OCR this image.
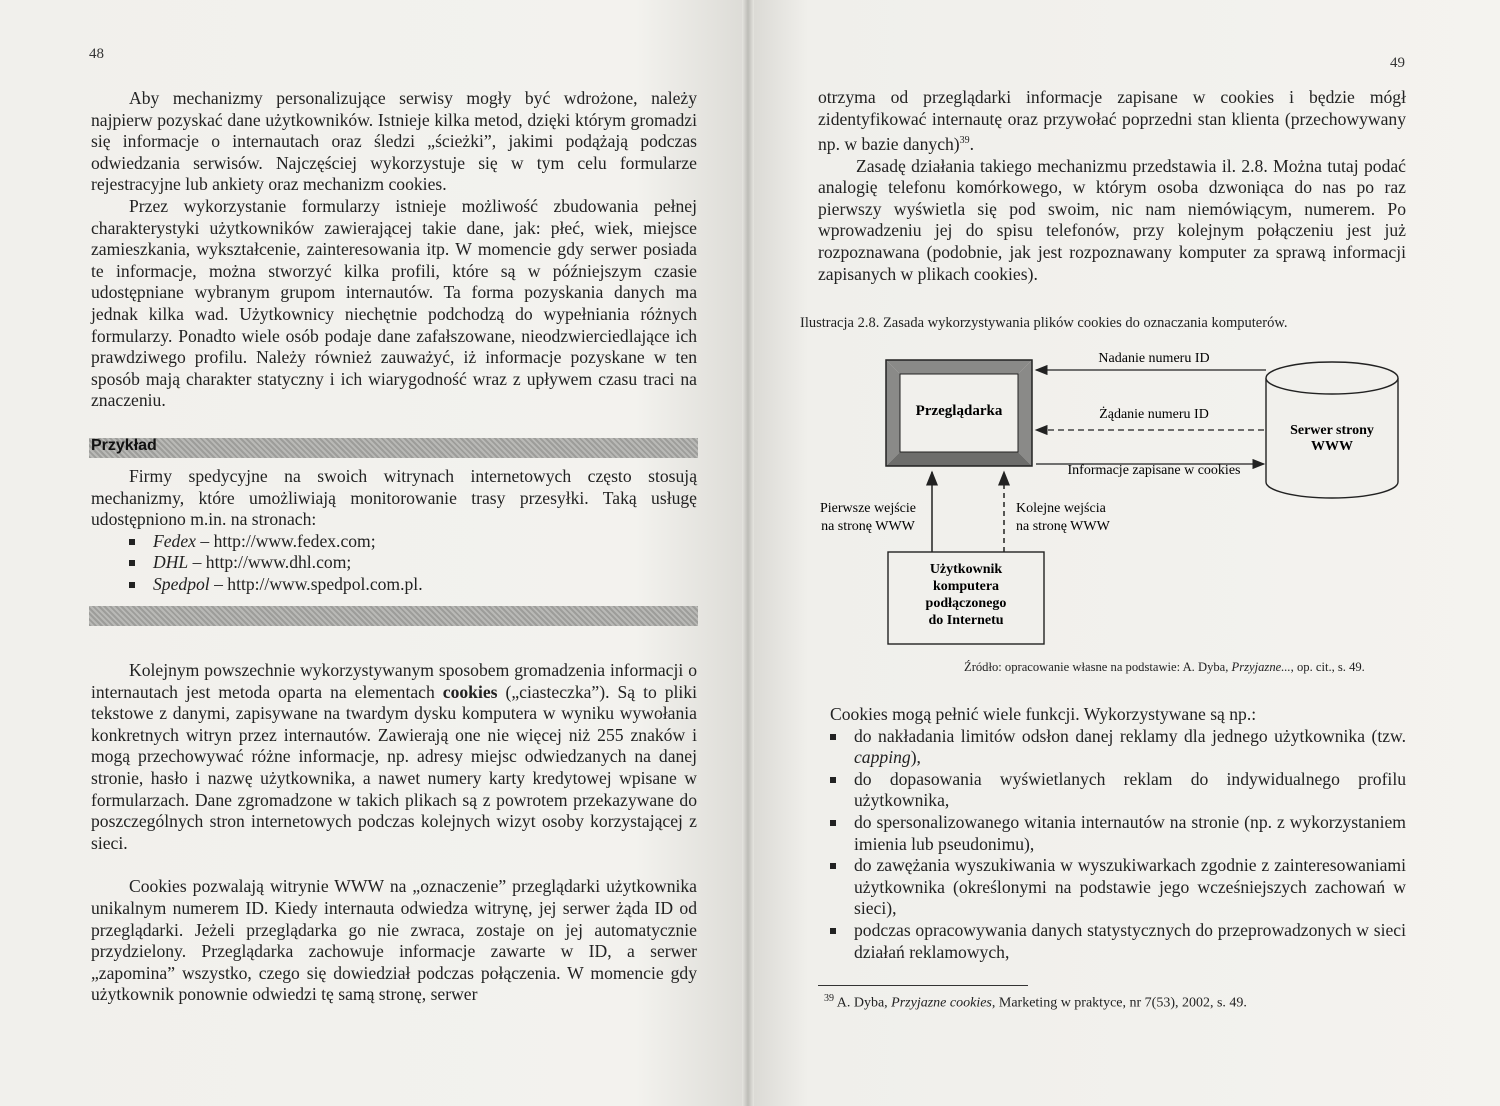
48

Aby mechanizmy personalizujące serwisy mogły być wdrożone, należy najpierw pozyskać dane użytkowników. Istnieje kilka metod, dzięki którym gromadzi się informacje o internautach oraz śledzi „ścieżki”, jakimi podążają podczas odwiedzania serwisów. Najczęściej wykorzystuje się w tym celu formularze rejestracyjne lub ankiety oraz mechanizm cookies.

Przez wykorzystanie formularzy istnieje możliwość zbudowania pełnej charakterystyki użytkowników zawierającej takie dane, jak: płeć, wiek, miejsce zamieszkania, wykształcenie, zainteresowania itp. W momencie gdy serwer posiada te informacje, można stworzyć kilka profili, które są w późniejszym czasie udostępniane wybranym grupom internautów. Ta forma pozyskania danych ma jednak kilka wad. Użytkownicy niechętnie podchodzą do wypełniania różnych formularzy. Ponadto wiele osób podaje dane zafałszowane, nieodzwierciedlające ich prawdziwego profilu. Należy również zauważyć, iż informacje pozyskane w ten sposób mają charakter statyczny i ich wiarygodność wraz z upływem czasu traci na znaczeniu.

Przykład

Firmy spedycyjne na swoich witrynach internetowych często stosują mechanizmy, które umożliwiają monitorowanie trasy przesyłki. Taką usługę udostępniono m.in. na stronach:

Fedex – http://www.fedex.com;
DHL – http://www.dhl.com;
Spedpol – http://www.spedpol.com.pl.

Kolejnym powszechnie wykorzystywanym sposobem gromadzenia informacji o internautach jest metoda oparta na elementach cookies („ciasteczka”). Są to pliki tekstowe z danymi, zapisywane na twardym dysku komputera w wyniku wywołania konkretnych witryn przez internautów. Zawierają one nie więcej niż 255 znaków i mogą przechowywać różne informacje, np. adresy miejsc odwiedzanych na danej stronie, hasło i nazwę użytkownika, a nawet numery karty kredytowej wpisane w formularzach. Dane zgromadzone w takich plikach są z powrotem przekazywane do poszczególnych stron internetowych podczas kolejnych wizyt osoby korzystającej z sieci.

Cookies pozwalają witrynie WWW na „oznaczenie” przeglądarki użytkownika unikalnym numerem ID. Kiedy internauta odwiedza witrynę, jej serwer żąda ID od przeglądarki. Jeżeli przeglądarka go nie zwraca, zostaje on jej automatycznie przydzielony. Przeglądarka zachowuje informacje zawarte w ID, a serwer „zapomina” wszystko, czego się dowiedział podczas połączenia. W momencie gdy użytkownik ponownie odwiedzi tę samą stronę, serwer

49

otrzyma od przeglądarki informacje zapisane w cookies i będzie mógł zidentyfikować internautę oraz przywołać poprzedni stan klienta (przechowywany np. w bazie danych)$^{39}$.

Zasadę działania takiego mechanizmu przedstawia il. 2.8. Można tutaj podać analogię telefonu komórkowego, w którym osoba dzwoniąca do nas po raz pierwszy wyświetla się pod swoim, nic nam niemówiącym, numerem. Po wprowadzeniu jej do spisu telefonów, przy kolejnym połączeniu jest już rozpoznawana (podobnie, jak jest rozpoznawany komputer za sprawą informacji zapisanych w plikach cookies).

Ilustracja 2.8. Zasada wykorzystywania plików cookies do oznaczania komputerów.
Przeglądarka
Serwer strony
WWW
Nadanie numeru ID
Żądanie numeru ID
Informacje zapisane w cookies
Pierwsze wejście
na stronę WWW
Kolejne wejścia
na stronę WWW
Użytkownik
komputera
podłączonego
do Internetu
Źródło: opracowanie własne na podstawie: A. Dyba, Przyjazne..., op. cit., s. 49.

Cookies mogą pełnić wiele funkcji. Wykorzystywane są np.:

do nakładania limitów odsłon danej reklamy dla jednego użytkownika (tzw. capping),
do dopasowania wyświetlanych reklam do indywidualnego profilu użytkownika,
do spersonalizowanego witania internautów na stronie (np. z wykorzystaniem imienia lub pseudonimu),
do zawężania wyszukiwania w wyszukiwarkach zgodnie z zainteresowaniami użytkownika (określonymi na podstawie jego wcześniejszych zachowań w sieci),
podczas opracowywania danych statystycznych do przeprowadzonych w sieci działań reklamowych,
$^{39}$ A. Dyba, Przyjazne cookies, Marketing w praktyce, nr 7(53), 2002, s. 49.
